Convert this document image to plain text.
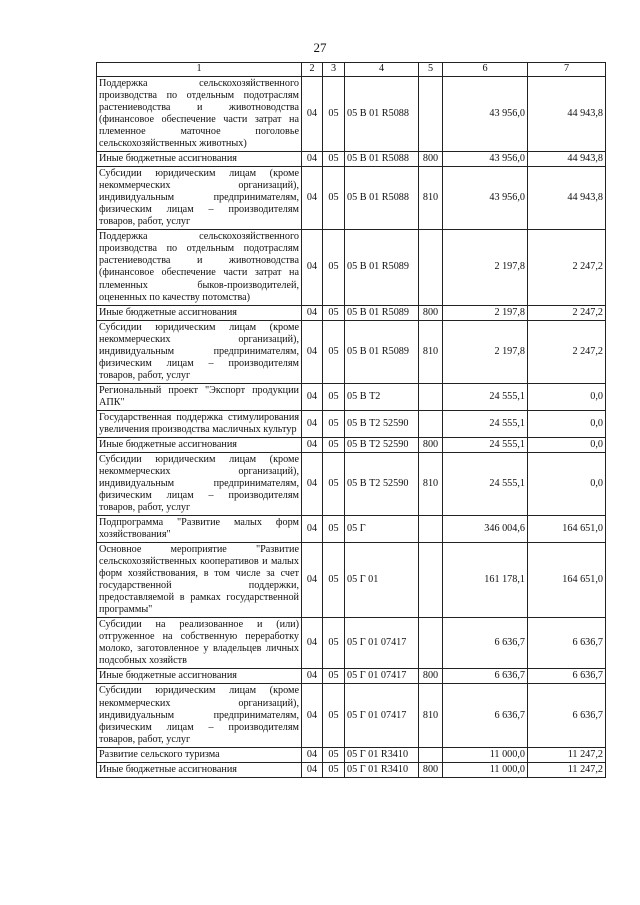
27
1	2	3	4	5	6	7
Поддержка сельскохозяйственного производства по отдельным подотраслям растениеводства и животноводства (финансовое обеспечение части затрат на племенное маточное поголовье сельскохозяйственных животных)	04	05	05 В 01 R5088		43 956,0	44 943,8
Иные бюджетные ассигнования	04	05	05 В 01 R5088	800	43 956,0	44 943,8
Субсидии юридическим лицам (кроме некоммерческих организаций), индивидуальным предпринимателям, физическим лицам – производителям товаров, работ, услуг	04	05	05 В 01 R5088	810	43 956,0	44 943,8
Поддержка сельскохозяйственного производства по отдельным подотраслям растениеводства и животноводства (финансовое обеспечение части затрат на племенных быков-производителей, оцененных по качеству потомства)	04	05	05 В 01 R5089		2 197,8	2 247,2
Иные бюджетные ассигнования	04	05	05 В 01 R5089	800	2 197,8	2 247,2
Субсидии юридическим лицам (кроме некоммерческих организаций), индивидуальным предпринимателям, физическим лицам – производителям товаров, работ, услуг	04	05	05 В 01 R5089	810	2 197,8	2 247,2
Региональный проект "Экспорт продукции АПК"	04	05	05 В Т2		24 555,1	0,0
Государственная поддержка стимулирования увеличения производства масличных культур	04	05	05 В Т2 52590		24 555,1	0,0
Иные бюджетные ассигнования	04	05	05 В Т2 52590	800	24 555,1	0,0
Субсидии юридическим лицам (кроме некоммерческих организаций), индивидуальным предпринимателям, физическим лицам – производителям товаров, работ, услуг	04	05	05 В Т2 52590	810	24 555,1	0,0
Подпрограмма "Развитие малых форм хозяйствования"	04	05	05 Г		346 004,6	164 651,0
Основное мероприятие "Развитие сельскохозяйственных кооперативов и малых форм хозяйствования, в том числе за счет государственной поддержки, предоставляемой в рамках государственной программы"	04	05	05 Г 01		161 178,1	164 651,0
Субсидии на реализованное и (или) отгруженное на собственную переработку молоко, заготовленное у владельцев личных подсобных хозяйств	04	05	05 Г 01 07417		6 636,7	6 636,7
Иные бюджетные ассигнования	04	05	05 Г 01 07417	800	6 636,7	6 636,7
Субсидии юридическим лицам (кроме некоммерческих организаций), индивидуальным предпринимателям, физическим лицам – производителям товаров, работ, услуг	04	05	05 Г 01 07417	810	6 636,7	6 636,7
Развитие сельского туризма	04	05	05 Г 01 R3410		11 000,0	11 247,2
Иные бюджетные ассигнования	04	05	05 Г 01 R3410	800	11 000,0	11 247,2
